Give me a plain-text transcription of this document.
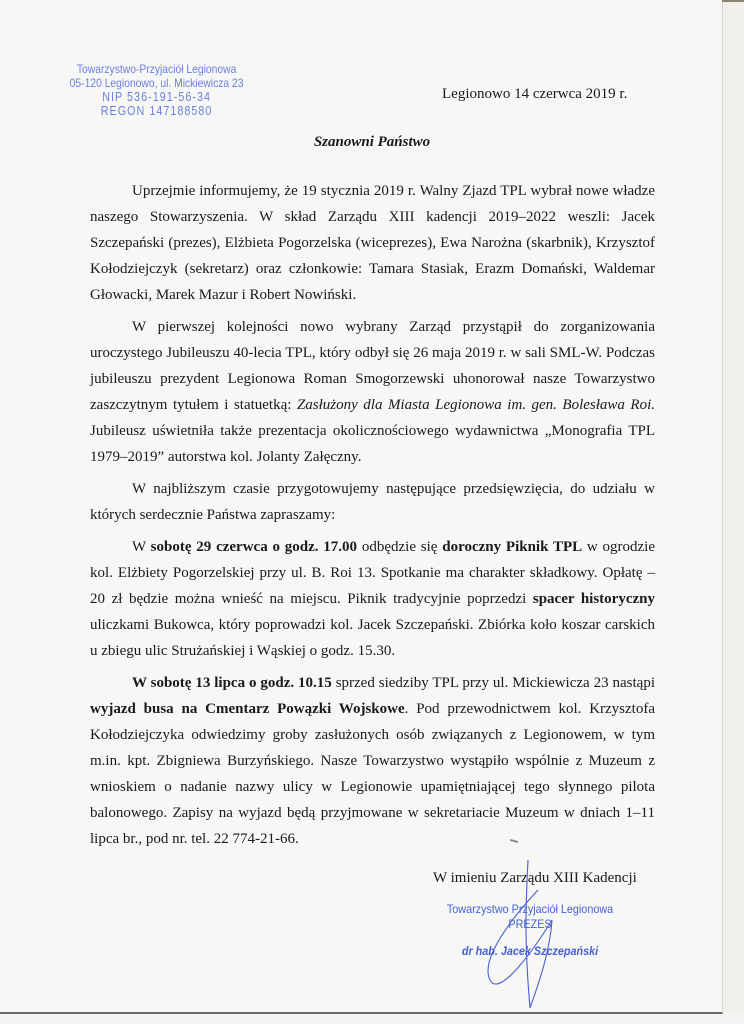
Towarzystwo-Przyjaciół Legionowa
05-120 Legionowo, ul. Mickiewicza 23
NIP 536-191-56-34
REGON 147188580
Legionowo 14 czerwca 2019 r.
Szanowni Państwo

Uprzejmie informujemy, że 19 stycznia 2019 r. Walny Zjazd TPL wybrał nowe władze naszego Stowarzyszenia. W skład Zarządu XIII kadencji 2019–2022 weszli: Jacek Szczepański (prezes), Elżbieta Pogorzelska (wiceprezes), Ewa Narożna (skarbnik), Krzysztof Kołodziejczyk (sekretarz) oraz członkowie: Tamara Stasiak, Erazm Domański, Waldemar Głowacki, Marek Mazur i Robert Nowiński.

W pierwszej kolejności nowo wybrany Zarząd przystąpił do zorganizowania uroczystego Jubileuszu 40-lecia TPL, który odbył się 26 maja 2019 r. w sali SML-W. Podczas jubileuszu prezydent Legionowa Roman Smogorzewski uhonorował nasze Towarzystwo zaszczytnym tytułem i statuetką: Zasłużony dla Miasta Legionowa im. gen. Bolesława Roi. Jubileusz uświetniła także prezentacja okolicznościowego wydawnictwa „Monografia TPL 1979–2019” autorstwa kol. Jolanty Załęczny.

W najbliższym czasie przygotowujemy następujące przedsięwzięcia, do udziału w których serdecznie Państwa zapraszamy:

W sobotę 29 czerwca o godz. 17.00 odbędzie się doroczny Piknik TPL w ogrodzie kol. Elżbiety Pogorzelskiej przy ul. B. Roi 13. Spotkanie ma charakter składkowy. Opłatę – 20 zł będzie można wnieść na miejscu. Piknik tradycyjnie poprzedzi spacer historyczny uliczkami Bukowca, który poprowadzi kol. Jacek Szczepański. Zbiórka koło koszar carskich u zbiegu ulic Strużańskiej i Wąskiej o godz. 15.30.

W sobotę 13 lipca o godz. 10.15 sprzed siedziby TPL przy ul. Mickiewicza 23 nastąpi wyjazd busa na Cmentarz Powązki Wojskowe. Pod przewodnictwem kol. Krzysztofa Kołodziejczyka odwiedzimy groby zasłużonych osób związanych z Legionowem, w tym m.in. kpt. Zbigniewa Burzyńskiego. Nasze Towarzystwo wystąpiło wspólnie z Muzeum z wnioskiem o nadanie nazwy ulicy w Legionowie upamiętniającej tego słynnego pilota balonowego. Zapisy na wyjazd będą przyjmowane w sekretariacie Muzeum w dniach 1–11 lipca br., pod nr. tel. 22 774-21-66.

W imieniu Zarządu XIII Kadencji
Towarzystwo Przyjaciół Legionowa
PREZES
dr hab. Jacek Szczepański
